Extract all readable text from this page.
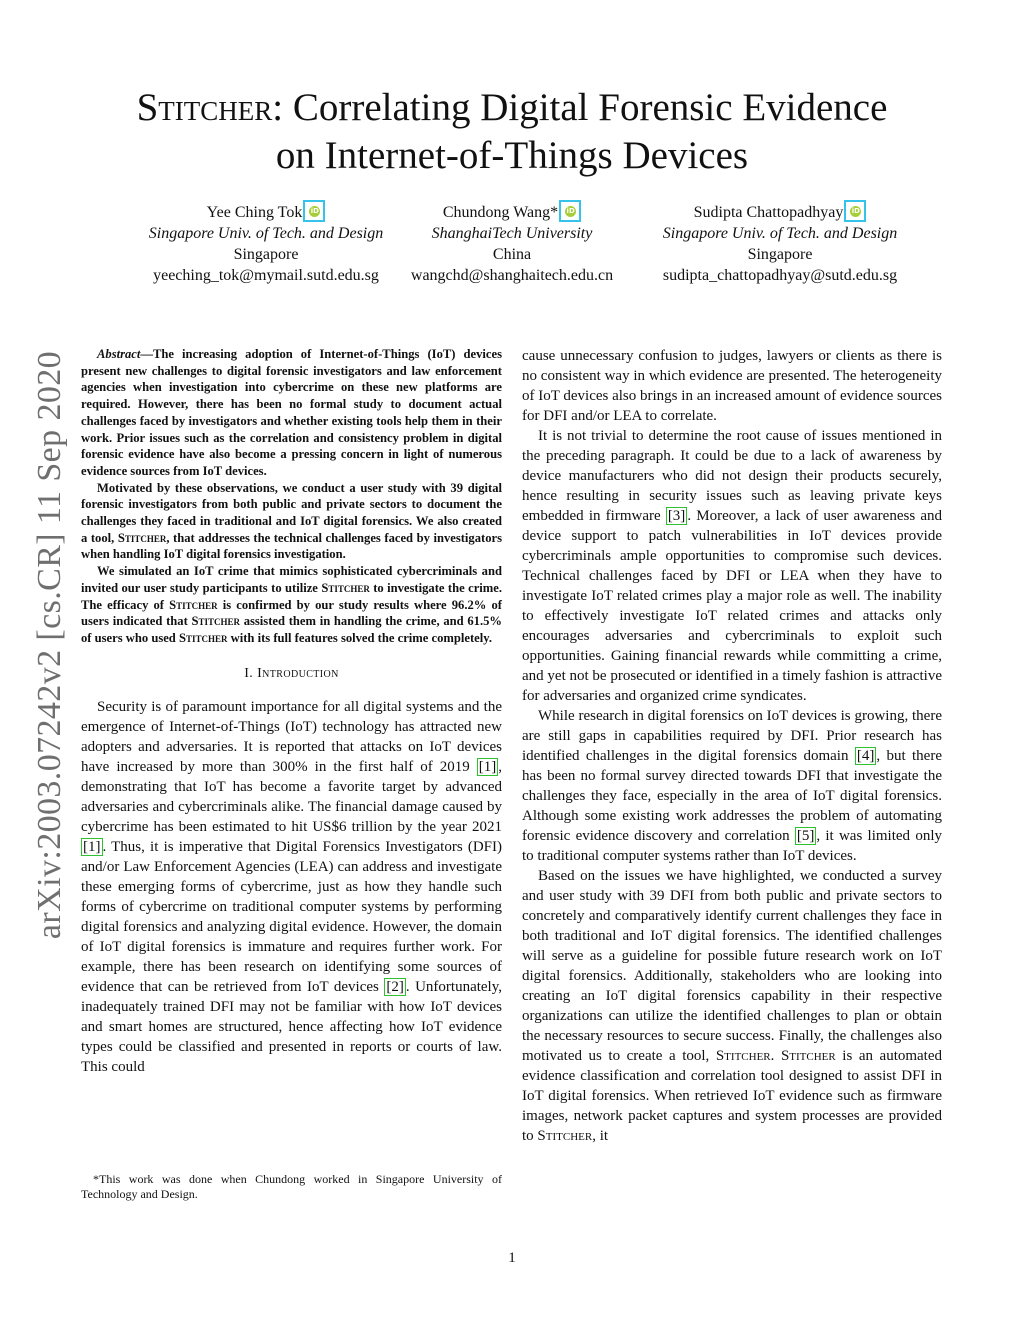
arXiv:2003.07242v2 [cs.CR] 11 Sep 2020
Stitcher: Correlating Digital Forensic Evidence
on Internet-of-Things Devices
Yee Ching Tok iD
Singapore Univ. of Tech. and Design
Singapore
yeeching_tok@mymail.sutd.edu.sg
Chundong Wang* iD
ShanghaiTech University
China
wangchd@shanghaitech.edu.cn
Sudipta Chattopadhyay iD
Singapore Univ. of Tech. and Design
Singapore
sudipta_chattopadhyay@sutd.edu.sg

Abstract—The increasing adoption of Internet-of-Things (IoT) devices present new challenges to digital forensic investigators and law enforcement agencies when investigation into cybercrime on these new platforms are required. However, there has been no formal study to document actual challenges faced by investigators and whether existing tools help them in their work. Prior issues such as the correlation and consistency problem in digital forensic evidence have also become a pressing concern in light of numerous evidence sources from IoT devices.

Motivated by these observations, we conduct a user study with 39 digital forensic investigators from both public and private sectors to document the challenges they faced in traditional and IoT digital forensics. We also created a tool, Stitcher, that addresses the technical challenges faced by investigators when handling IoT digital forensics investigation.

We simulated an IoT crime that mimics sophisticated cybercriminals and invited our user study participants to utilize Stitcher to investigate the crime. The efficacy of Stitcher is confirmed by our study results where 96.2% of users indicated that Stitcher assisted them in handling the crime, and 61.5% of users who used Stitcher with its full features solved the crime completely.

I. Introduction

Security is of paramount importance for all digital systems and the emergence of Internet-of-Things (IoT) technology has attracted new adopters and adversaries. It is reported that attacks on IoT devices have increased by more than 300% in the first half of 2019 [1] , demonstrating that IoT has become a favorite target by advanced adversaries and cybercriminals alike. The financial damage caused by cybercrime has been estimated to hit US$6 trillion by the year 2021 [1] . Thus, it is imperative that Digital Forensics Investigators (DFI) and/or Law Enforcement Agencies (LEA) can address and investigate these emerging forms of cybercrime, just as how they handle such forms of cybercrime on traditional computer systems by performing digital forensics and analyzing digital evidence. However, the domain of IoT digital forensics is immature and requires further work. For example, there has been research on identifying some sources of evidence that can be retrieved from IoT devices [2] . Unfortunately, inadequately trained DFI may not be familiar with how IoT devices and smart homes are structured, hence affecting how IoT evidence types could be classified and presented in reports or courts of law. This could

*This work was done when Chundong worked in Singapore University of Technology and Design.

cause unnecessary confusion to judges, lawyers or clients as there is no consistent way in which evidence are presented. The heterogeneity of IoT devices also brings in an increased amount of evidence sources for DFI and/or LEA to correlate.

It is not trivial to determine the root cause of issues mentioned in the preceding paragraph. It could be due to a lack of awareness by device manufacturers who did not design their products securely, hence resulting in security issues such as leaving private keys embedded in firmware [3] . Moreover, a lack of user awareness and device support to patch vulnerabilities in IoT devices provide cybercriminals ample opportunities to compromise such devices. Technical challenges faced by DFI or LEA when they have to investigate IoT related crimes play a major role as well. The inability to effectively investigate IoT related crimes and attacks only encourages adversaries and cybercriminals to exploit such opportunities. Gaining financial rewards while committing a crime, and yet not be prosecuted or identified in a timely fashion is attractive for adversaries and organized crime syndicates.

While research in digital forensics on IoT devices is growing, there are still gaps in capabilities required by DFI. Prior research has identified challenges in the digital forensics domain [4] , but there has been no formal survey directed towards DFI that investigate the challenges they face, especially in the area of IoT digital forensics. Although some existing work addresses the problem of automating forensic evidence discovery and correlation [5] , it was limited only to traditional computer systems rather than IoT devices.

Based on the issues we have highlighted, we conducted a survey and user study with 39 DFI from both public and private sectors to concretely and comparatively identify current challenges they face in both traditional and IoT digital forensics. The identified challenges will serve as a guideline for possible future research work on IoT digital forensics. Additionally, stakeholders who are looking into creating an IoT digital forensics capability in their respective organizations can utilize the identified challenges to plan or obtain the necessary resources to secure success. Finally, the challenges also motivated us to create a tool, Stitcher. Stitcher is an automated evidence classification and correlation tool designed to assist DFI in IoT digital forensics. When retrieved IoT evidence such as firmware images, network packet captures and system processes are provided to Stitcher, it

1
